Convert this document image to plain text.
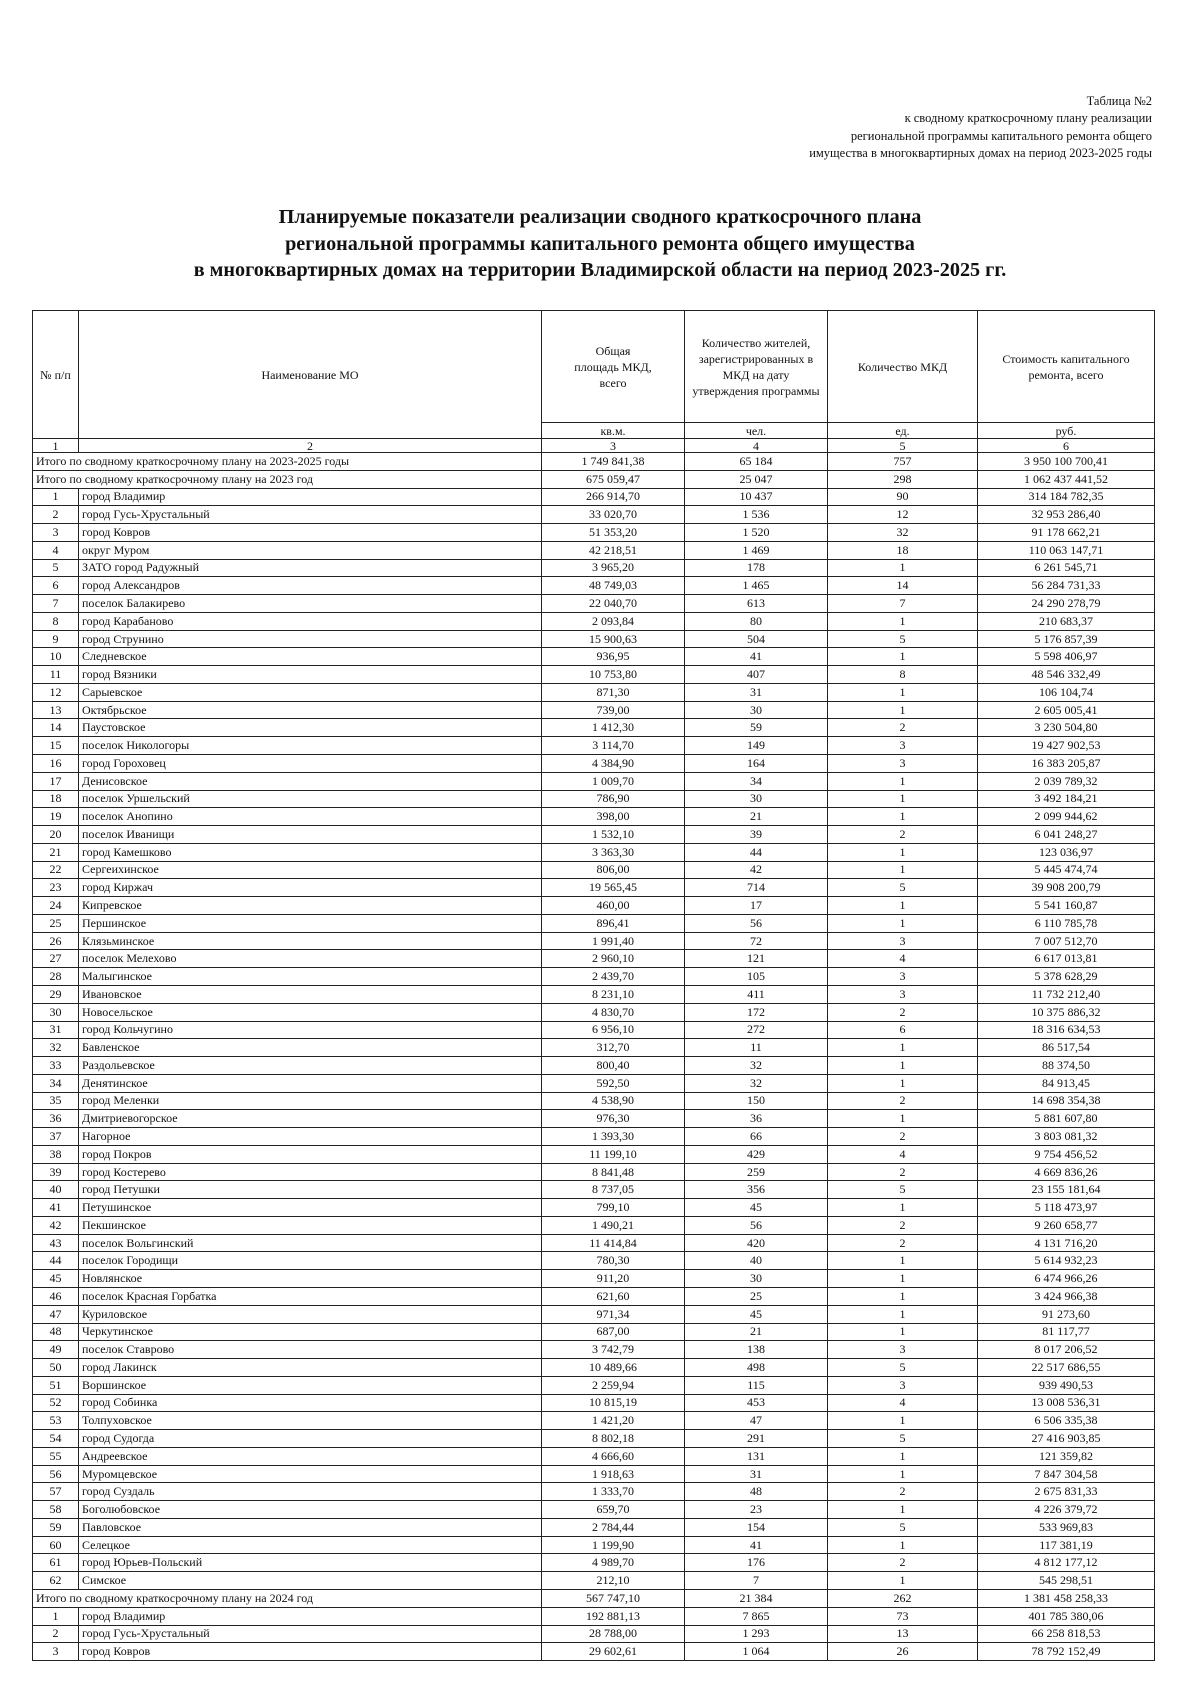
Таблица №2
к сводному краткосрочному плану реализации
региональной программы капитального ремонта общего
имущества в многоквартирных домах на период 2023-2025 годы
Планируемые показатели реализации сводного краткосрочного плана
региональной программы капитального ремонта общего имущества
в многоквартирных домах на территории Владимирской области на период 2023-2025 гг.
№ п/п	Наименование МО	Общая площадь МКД, всего	Количество жителей, зарегистрированных в МКД на дату утверждения программы	Количество МКД	Стоимость капитального ремонта, всего
		кв.м.	чел.	ед.	руб.
1	2	3	4	5	6
Итого по сводному краткосрочному плану на 2023-2025 годы		1 749 841,38	65 184	757	3 950 100 700,41
Итого по сводному краткосрочному плану на 2023 год		675 059,47	25 047	298	1 062 437 441,52
1	город Владимир	266 914,70	10 437	90	314 184 782,35
2	город Гусь-Хрустальный	33 020,70	1 536	12	32 953 286,40
3	город Ковров	51 353,20	1 520	32	91 178 662,21
4	округ Муром	42 218,51	1 469	18	110 063 147,71
5	ЗАТО город Радужный	3 965,20	178	1	6 261 545,71
6	город Александров	48 749,03	1 465	14	56 284 731,33
7	поселок Балакирево	22 040,70	613	7	24 290 278,79
8	город Карабаново	2 093,84	80	1	210 683,37
9	город Струнино	15 900,63	504	5	5 176 857,39
10	Следневское	936,95	41	1	5 598 406,97
11	город Вязники	10 753,80	407	8	48 546 332,49
12	Сарыевское	871,30	31	1	106 104,74
13	Октябрьское	739,00	30	1	2 605 005,41
14	Паустовское	1 412,30	59	2	3 230 504,80
15	поселок Никологоры	3 114,70	149	3	19 427 902,53
16	город Гороховец	4 384,90	164	3	16 383 205,87
17	Денисовское	1 009,70	34	1	2 039 789,32
18	поселок Уршельский	786,90	30	1	3 492 184,21
19	поселок Анопино	398,00	21	1	2 099 944,62
20	поселок Иванищи	1 532,10	39	2	6 041 248,27
21	город Камешково	3 363,30	44	1	123 036,97
22	Сергеихинское	806,00	42	1	5 445 474,74
23	город Киржач	19 565,45	714	5	39 908 200,79
24	Кипревское	460,00	17	1	5 541 160,87
25	Першинское	896,41	56	1	6 110 785,78
26	Клязьминское	1 991,40	72	3	7 007 512,70
27	поселок Мелехово	2 960,10	121	4	6 617 013,81
28	Малыгинское	2 439,70	105	3	5 378 628,29
29	Ивановское	8 231,10	411	3	11 732 212,40
30	Новосельское	4 830,70	172	2	10 375 886,32
31	город Кольчугино	6 956,10	272	6	18 316 634,53
32	Бавленское	312,70	11	1	86 517,54
33	Раздольевское	800,40	32	1	88 374,50
34	Денятинское	592,50	32	1	84 913,45
35	город Меленки	4 538,90	150	2	14 698 354,38
36	Дмитриевогорское	976,30	36	1	5 881 607,80
37	Нагорное	1 393,30	66	2	3 803 081,32
38	город Покров	11 199,10	429	4	9 754 456,52
39	город Костерево	8 841,48	259	2	4 669 836,26
40	город Петушки	8 737,05	356	5	23 155 181,64
41	Петушинское	799,10	45	1	5 118 473,97
42	Пекшинское	1 490,21	56	2	9 260 658,77
43	поселок Вольгинский	11 414,84	420	2	4 131 716,20
44	поселок Городищи	780,30	40	1	5 614 932,23
45	Новлянское	911,20	30	1	6 474 966,26
46	поселок Красная Горбатка	621,60	25	1	3 424 966,38
47	Куриловское	971,34	45	1	91 273,60
48	Черкутинское	687,00	21	1	81 117,77
49	поселок Ставрово	3 742,79	138	3	8 017 206,52
50	город Лакинск	10 489,66	498	5	22 517 686,55
51	Воршинское	2 259,94	115	3	939 490,53
52	город Собинка	10 815,19	453	4	13 008 536,31
53	Толпуховское	1 421,20	47	1	6 506 335,38
54	город Судогда	8 802,18	291	5	27 416 903,85
55	Андреевское	4 666,60	131	1	121 359,82
56	Муромцевское	1 918,63	31	1	7 847 304,58
57	город Суздаль	1 333,70	48	2	2 675 831,33
58	Боголюбовское	659,70	23	1	4 226 379,72
59	Павловское	2 784,44	154	5	533 969,83
60	Селецкое	1 199,90	41	1	117 381,19
61	город Юрьев-Польский	4 989,70	176	2	4 812 177,12
62	Симское	212,10	7	1	545 298,51
Итого по сводному краткосрочному плану на 2024 год		567 747,10	21 384	262	1 381 458 258,33
1	город Владимир	192 881,13	7 865	73	401 785 380,06
2	город Гусь-Хрустальный	28 788,00	1 293	13	66 258 818,53
3	город Ковров	29 602,61	1 064	26	78 792 152,49
